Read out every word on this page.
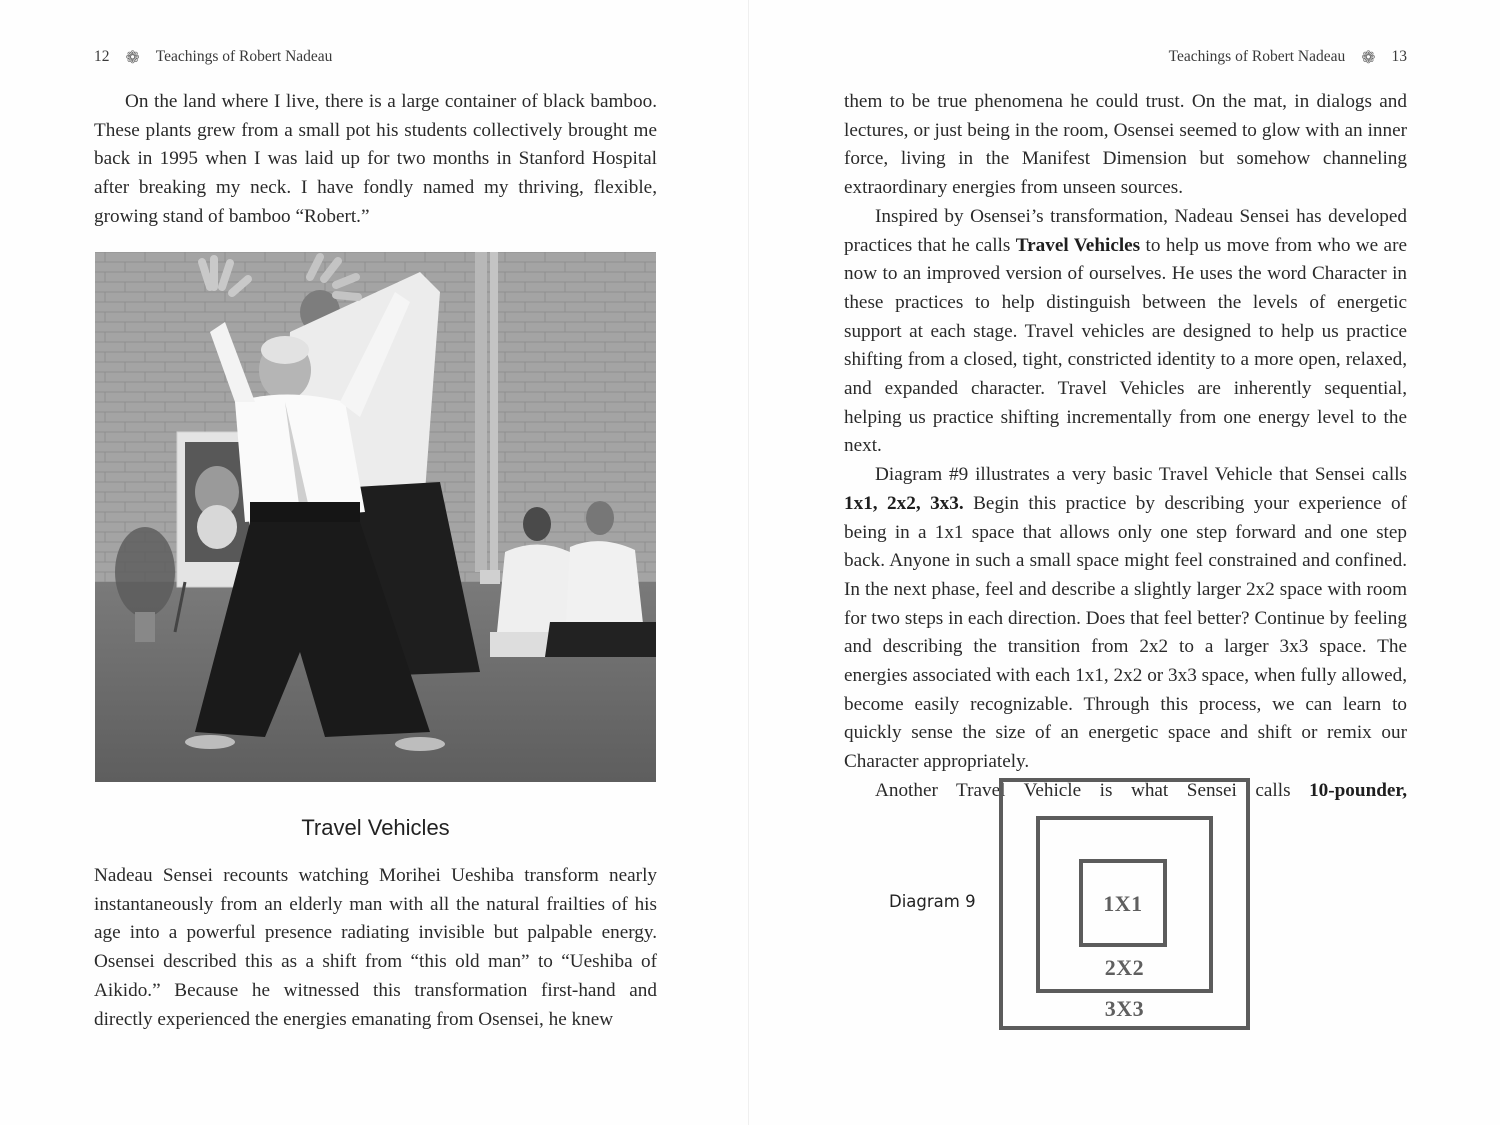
12 ❁ Teachings of Robert Nadeau

On the land where I live, there is a large container of black bamboo. These plants grew from a small pot his students collectively brought me back in 1995 when I was laid up for two months in Stanford Hospital after breaking my neck. I have fondly named my thriving, flexible, growing stand of bamboo “Robert.”

Travel Vehicles

Nadeau Sensei recounts watching Morihei Ueshiba transform nearly instantaneously from an elderly man with all the natural frailties of his age into a powerful presence radiating invisible but palpable energy. Osensei described this as a shift from “this old man” to “Ueshiba of Aikido.” Because he witnessed this transformation first-hand and directly experienced the energies emanating from Osensei, he knew

Teachings of Robert Nadeau ❁ 13

them to be true phenomena he could trust. On the mat, in dialogs and lectures, or just being in the room, Osensei seemed to glow with an inner force, living in the Manifest Dimension but somehow channeling extraordinary energies from unseen sources.

Inspired by Osensei’s transformation, Nadeau Sensei has developed practices that he calls Travel Vehicles to help us move from who we are now to an improved version of ourselves. He uses the word Character in these practices to help distinguish between the levels of energetic support at each stage. Travel vehicles are designed to help us practice shifting from a closed, tight, constricted identity to a more open, relaxed, and expanded character. Travel Vehicles are inherently sequential, helping us practice shifting incrementally from one energy level to the next.

Diagram #9 illustrates a very basic Travel Vehicle that Sensei calls 1x1, 2x2, 3x3. Begin this practice by describing your experience of being in a 1x1 space that allows only one step forward and one step back. Anyone in such a small space might feel constrained and confined. In the next phase, feel and describe a slightly larger 2x2 space with room for two steps in each direction. Does that feel better? Continue by feeling and describing the transition from 2x2 to a larger 3x3 space. The energies associated with each 1x1, 2x2 or 3x3 space, when fully allowed, become easily recognizable. Through this process, we can learn to quickly sense the size of an energetic space and shift or remix our Character appropriately.

Another Travel Vehicle is what Sensei calls 10-pounder,

Diagram 9
3X3
2X2
1X1
